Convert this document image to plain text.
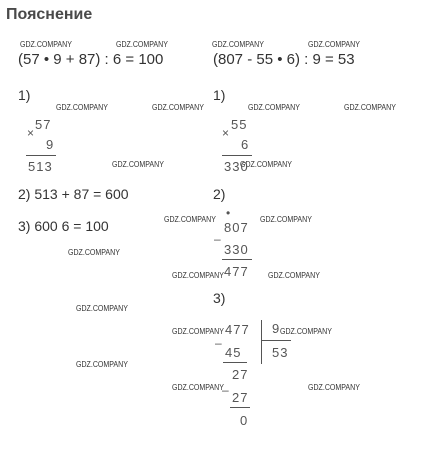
Пояснение
GDZ.COMPANY	GDZ.COMPANY	GDZ.COMPANY	GDZ.COMPANY
GDZ.COMPANY	GDZ.COMPANY	GDZ.COMPANY	GDZ.COMPANY
GDZ.COMPANY	GDZ.COMPANY
GDZ.COMPANY	GDZ.COMPANY
GDZ.COMPANY
GDZ.COMPANY	GDZ.COMPANY
GDZ.COMPANY
GDZ.COMPANY	GDZ.COMPANY
GDZ.COMPANY
GDZ.COMPANY	GDZ.COMPANY
(57 • 9 + 87) : 6 = 100
1)
×
57
9
513
2) 513 + 87 = 600
3) 600 6 = 100
(807 - 55 • 6) : 9 = 53
1)
×
55
6
330
2)
•
–
807
330
477
3)
477 9
53
–
45
27
– 27
0
